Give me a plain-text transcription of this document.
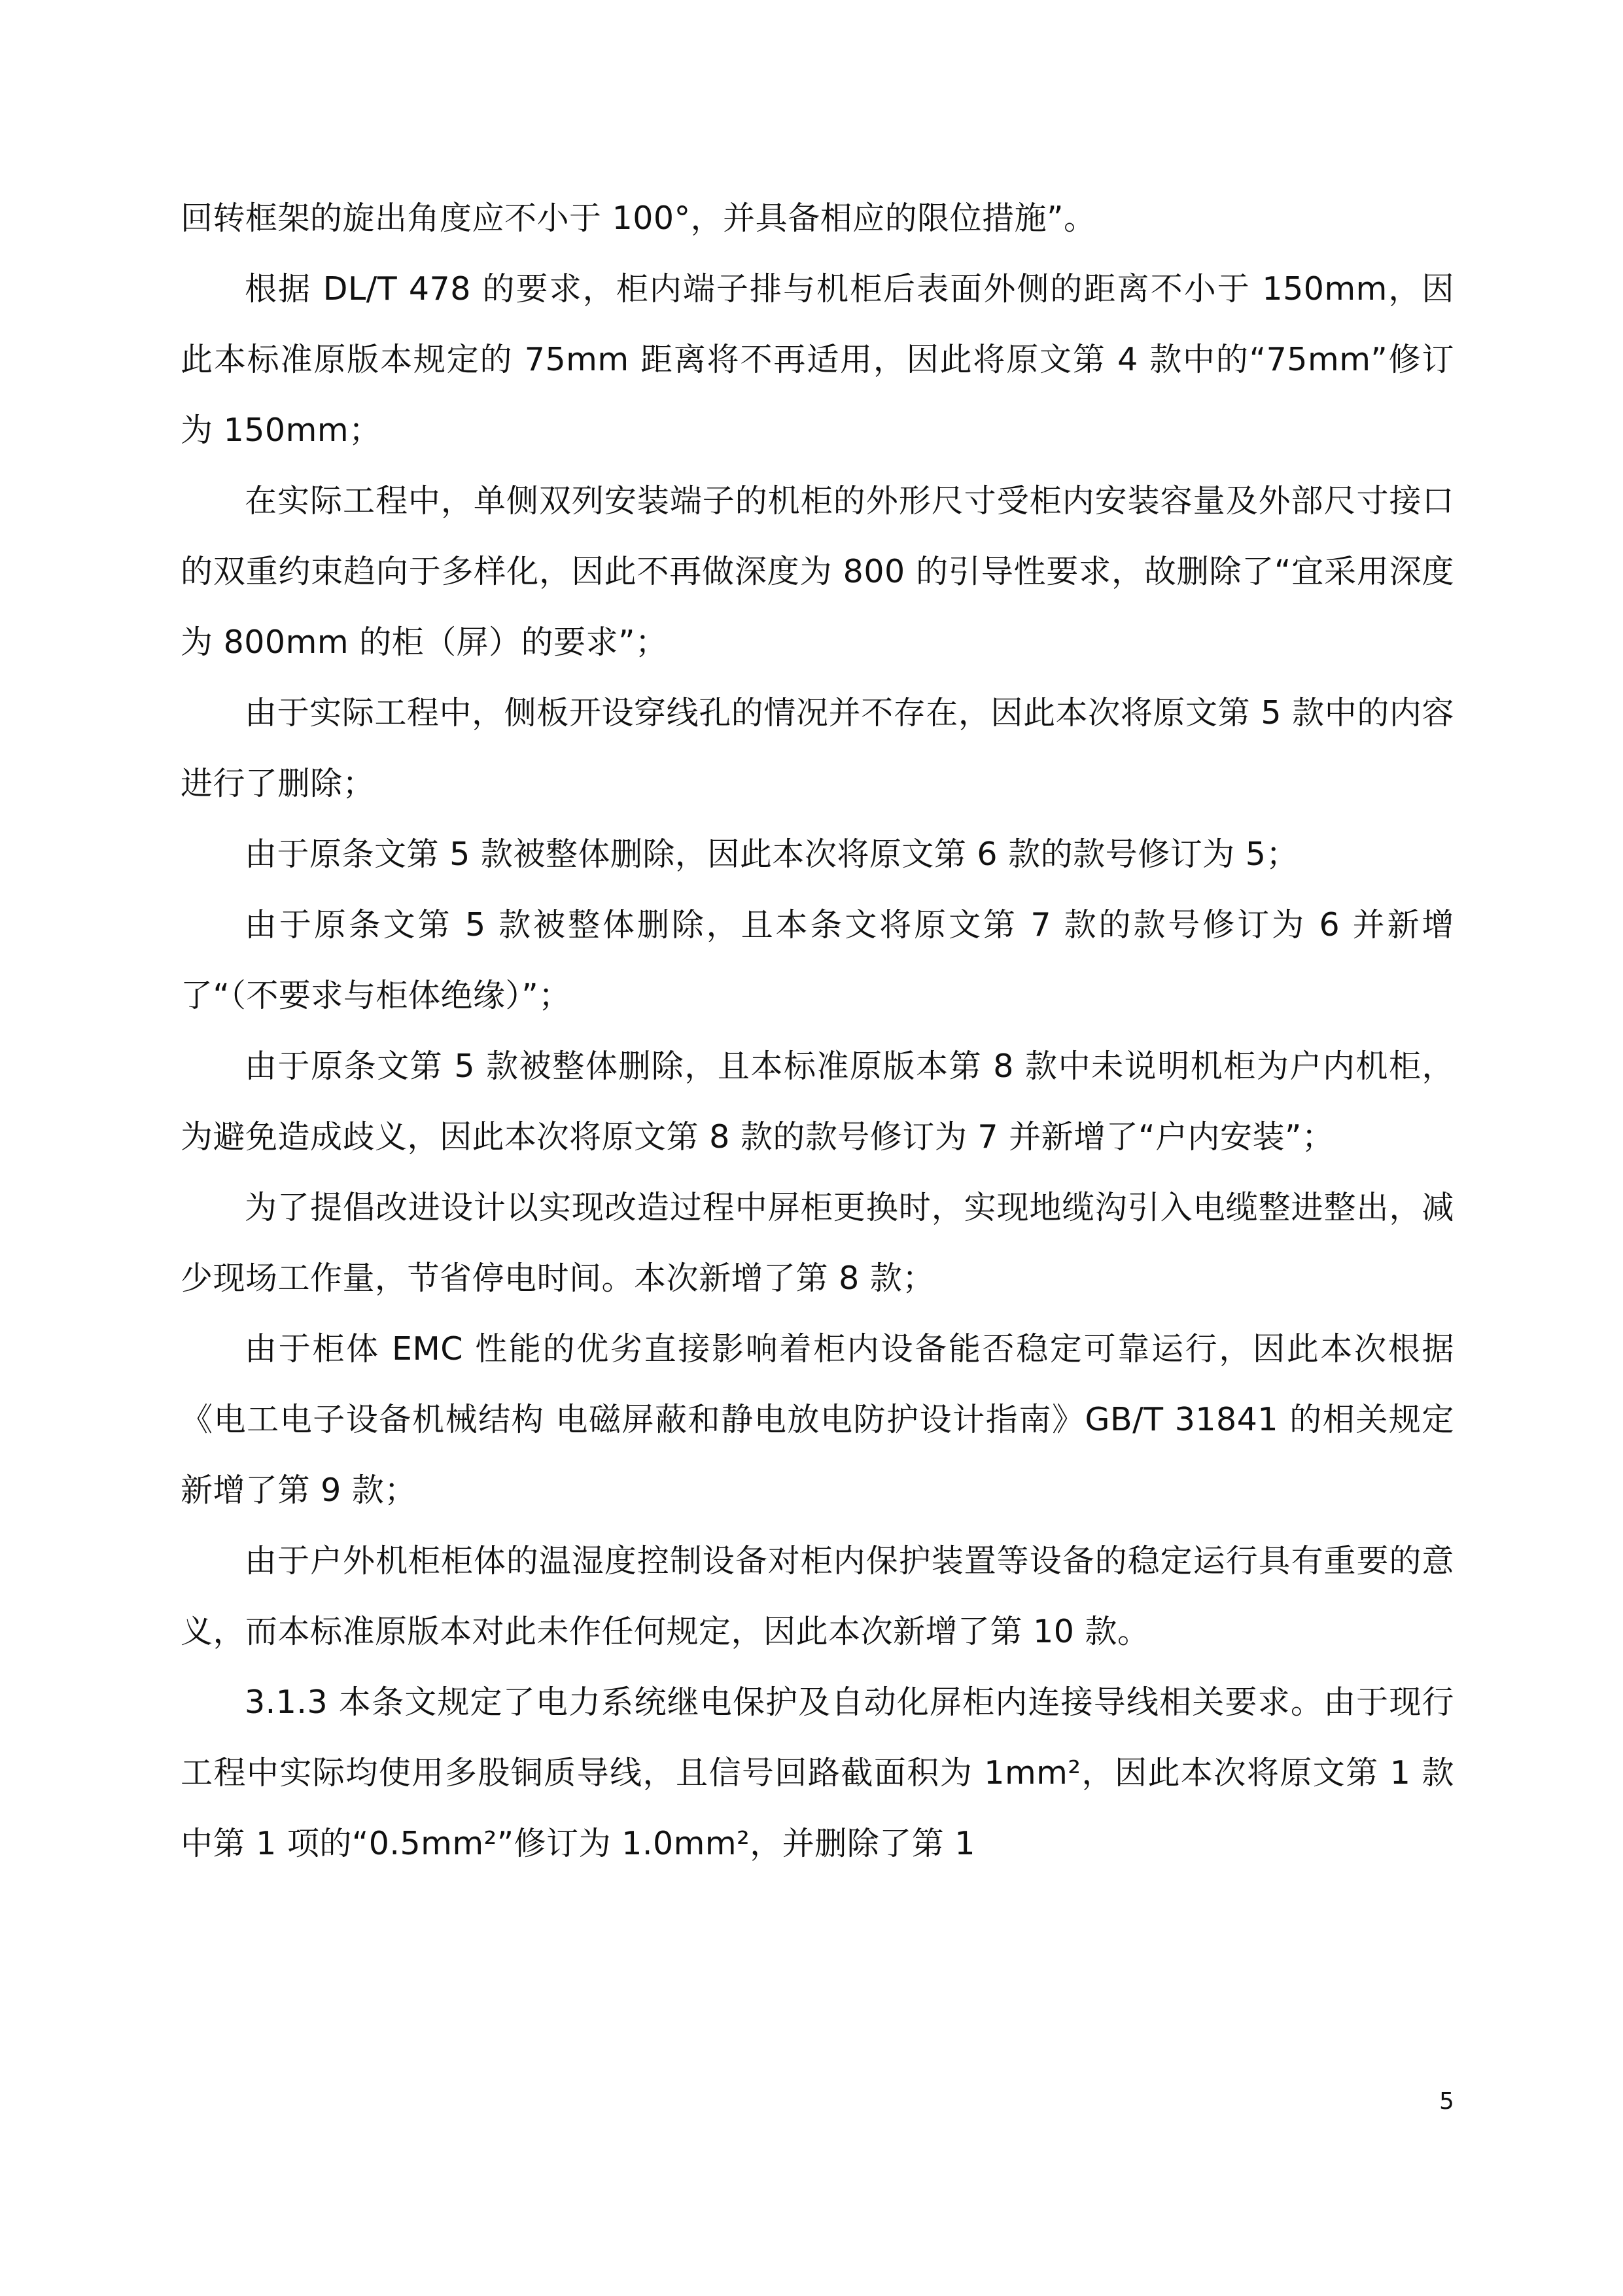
回转框架的旋出角度应不小于 100°，并具备相应的限位措施”。

根据 DL/T 478 的要求，柜内端子排与机柜后表面外侧的距离不小于 150mm，因此本标准原版本规定的 75mm 距离将不再适用，因此将原文第 4 款中的“75mm”修订为 150mm；

在实际工程中，单侧双列安装端子的机柜的外形尺寸受柜内安装容量及外部尺寸接口的双重约束趋向于多样化，因此不再做深度为 800 的引导性要求，故删除了“宜采用深度为 800mm 的柜（屏）的要求”；

由于实际工程中，侧板开设穿线孔的情况并不存在，因此本次将原文第 5 款中的内容进行了删除；

由于原条文第 5 款被整体删除，因此本次将原文第 6 款的款号修订为 5；

由于原条文第 5 款被整体删除，且本条文将原文第 7 款的款号修订为 6 并新增了“（不要求与柜体绝缘）”；

由于原条文第 5 款被整体删除，且本标准原版本第 8 款中未说明机柜为户内机柜，为避免造成歧义，因此本次将原文第 8 款的款号修订为 7 并新增了“户内安装”；

为了提倡改进设计以实现改造过程中屏柜更换时，实现地缆沟引入电缆整进整出，减少现场工作量，节省停电时间。本次新增了第 8 款；

由于柜体 EMC 性能的优劣直接影响着柜内设备能否稳定可靠运行，因此本次根据《电工电子设备机械结构 电磁屏蔽和静电放电防护设计指南》GB/T 31841 的相关规定新增了第 9 款；

由于户外机柜柜体的温湿度控制设备对柜内保护装置等设备的稳定运行具有重要的意义，而本标准原版本对此未作任何规定，因此本次新增了第 10 款。

3.1.3 本条文规定了电力系统继电保护及自动化屏柜内连接导线相关要求。由于现行工程中实际均使用多股铜质导线，且信号回路截面积为 1mm²，因此本次将原文第 1 款中第 1 项的“0.5mm²”修订为 1.0mm²，并删除了第 1

5
